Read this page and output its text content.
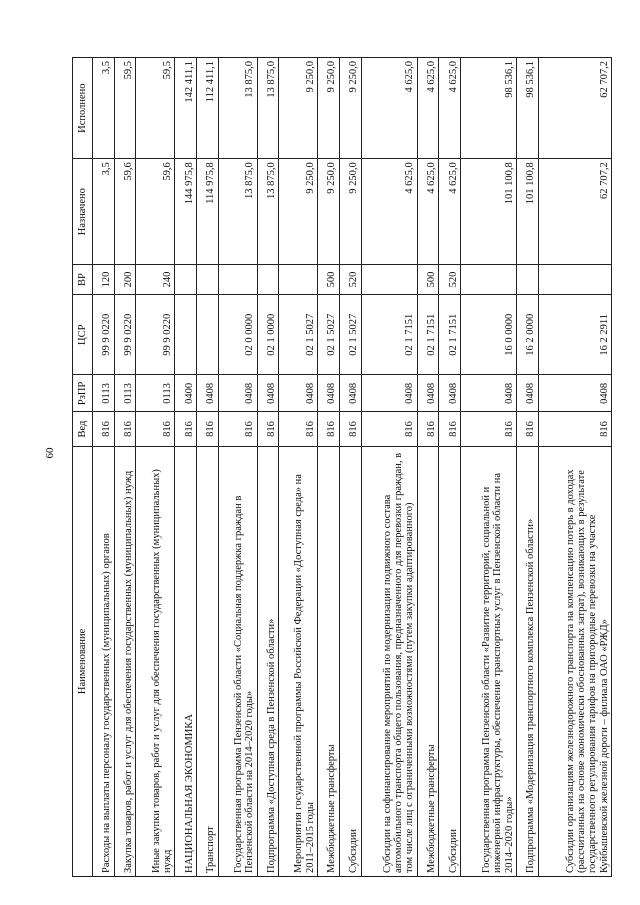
60
Наименование	Вед	РзПР	ЦСР	ВР	Назначено	Исполнено
Расходы на выплаты персоналу государственных (муниципальных) органов	816	0113	99 9 0220	120	3,5	3,5
Закупка товаров, работ и услуг для обеспечения государственных (муниципальных) нужд	816	0113	99 9 0220	200	59,6	59,5
Иные закупки товаров, работ и услуг для обеспечения государственных (муниципальных) нужд	816	0113	99 9 0220	240	59,6	59,5
НАЦИОНАЛЬНАЯ ЭКОНОМИКА	816	0400			144 975,8	142 411,1
Транспорт	816	0408			114 975,8	112 411,1
Государственная программа Пензенской области «Социальная поддержка граждан в Пензенской области на 2014–2020 годы»	816	0408	02 0 0000		13 875,0	13 875,0
Подпрограмма «Доступная среда в Пензенской области»	816	0408	02 1 0000		13 875,0	13 875,0
Мероприятия государственной программы Российской Федерации «Доступная среда» на 2011–2015 годы	816	0408	02 1 5027		9 250,0	9 250,0
Межбюджетные трансферты	816	0408	02 1 5027	500	9 250,0	9 250,0
Субсидии	816	0408	02 1 5027	520	9 250,0	9 250,0
Субсидии на софинансирование мероприятий по модернизации подвижного состава автомобильного транспорта общего пользования, предназначенного для перевозки граждан, в том числе лиц с ограниченными возможностями (путем закупки адаптированного)	816	0408	02 1 7151		4 625,0	4 625,0
Межбюджетные трансферты	816	0408	02 1 7151	500	4 625,0	4 625,0
Субсидии	816	0408	02 1 7151	520	4 625,0	4 625,0
Государственная программа Пензенской области «Развитие территорий, социальной и инженерной инфраструктуры, обеспечение транспортных услуг в Пензенской области на 2014–2020 годы»	816	0408	16 0 0000		101 100,8	98 536,1
Подпрограмма «Модернизация транспортного комплекса Пензенской области»	816	0408	16 2 0000		101 100,8	98 536,1
Субсидии организациям железнодорожного транспорта на компенсацию потерь в доходах (рассчитанных на основе экономически обоснованных затрат), возникающих в результате государственного регулирования тарифов на пригородные перевозки на участке Куйбышевской железной дороги – филиала ОАО «РЖД»	816	0408	16 2 2911		62 707,2	62 707,2
